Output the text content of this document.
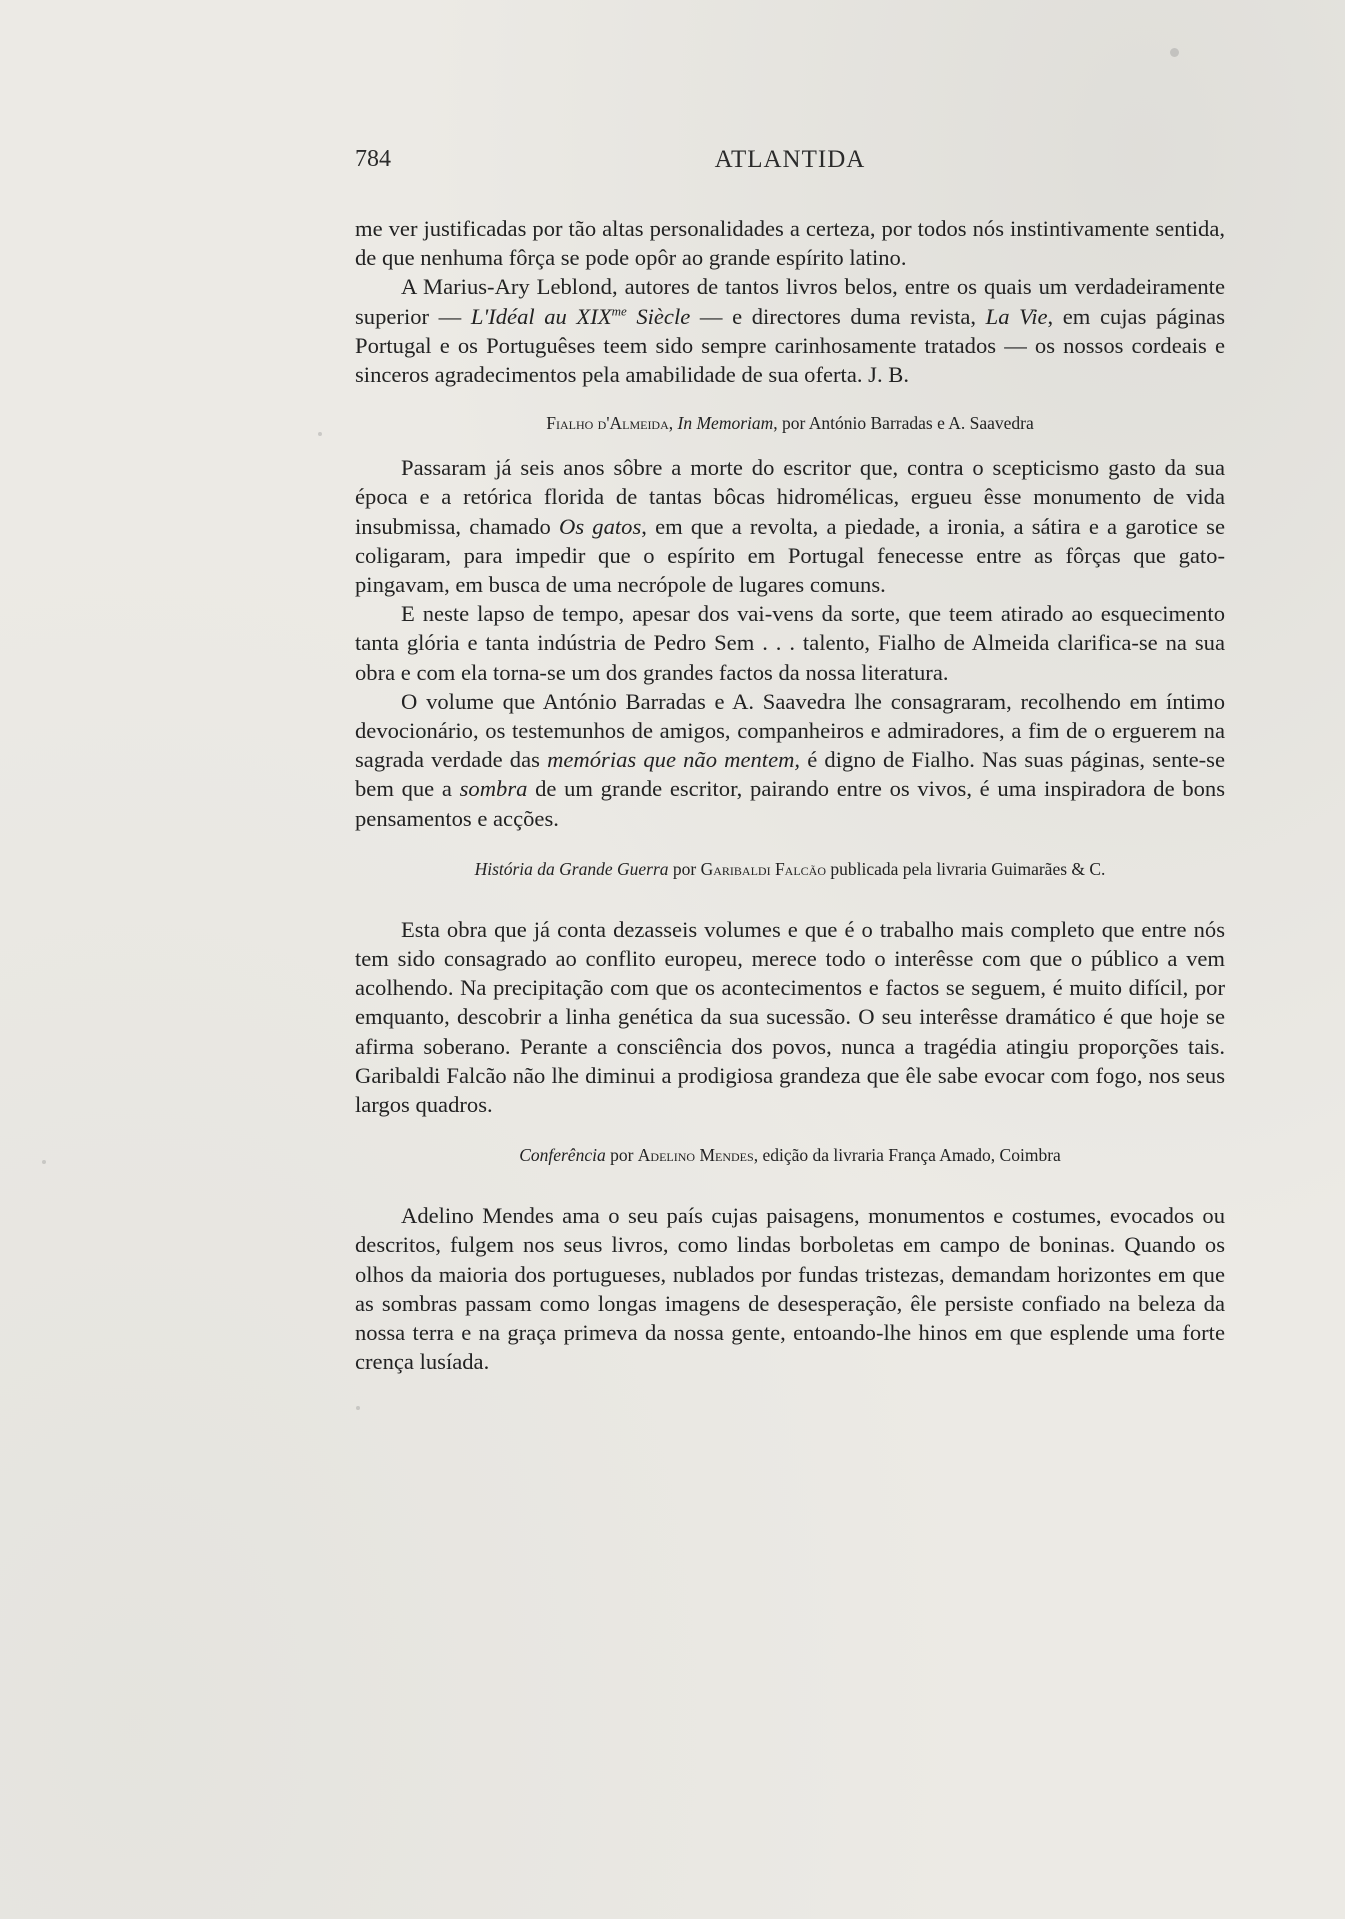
784	ATLANTIDA

me ver justificadas por tão altas personalidades a certeza, por todos nós instintivamente sentida, de que nenhuma fôrça se pode opôr ao grande espírito latino.

A Marius-Ary Leblond, autores de tantos livros belos, entre os quais um verdadeiramente superior — L'Idéal au $XIX^{me}$ Siècle — e directores duma revista, La Vie, em cujas páginas Portugal e os Portuguêses teem sido sempre carinhosamente tratados — os nossos cordeais e sinceros agradecimentos pela amabilidade de sua oferta. J. B.

Fialho d'Almeida, In Memoriam, por António Barradas e A. Saavedra

Passaram já seis anos sôbre a morte do escritor que, contra o scepticismo gasto da sua época e a retórica florida de tantas bôcas hidromélicas, ergueu êsse monumento de vida insubmissa, chamado Os gatos, em que a revolta, a piedade, a ironia, a sátira e a garotice se coligaram, para impedir que o espírito em Portugal fenecesse entre as fôrças que gato-pingavam, em busca de uma necrópole de lugares comuns.

E neste lapso de tempo, apesar dos vai-vens da sorte, que teem atirado ao esquecimento tanta glória e tanta indústria de Pedro Sem . . . talento, Fialho de Almeida clarifica-se na sua obra e com ela torna-se um dos grandes factos da nossa literatura.

O volume que António Barradas e A. Saavedra lhe consagraram, recolhendo em íntimo devocionário, os testemunhos de amigos, companheiros e admiradores, a fim de o erguerem na sagrada verdade das memórias que não mentem, é digno de Fialho. Nas suas páginas, sente-se bem que a sombra de um grande escritor, pairando entre os vivos, é uma inspiradora de bons pensamentos e acções.

História da Grande Guerra por Garibaldi Falcão publicada pela livraria Guimarães & C.

Esta obra que já conta dezasseis volumes e que é o trabalho mais completo que entre nós tem sido consagrado ao conflito europeu, merece todo o interêsse com que o público a vem acolhendo. Na precipitação com que os acontecimentos e factos se seguem, é muito difícil, por emquanto, descobrir a linha genética da sua sucessão. O seu interêsse dramático é que hoje se afirma soberano. Perante a consciência dos povos, nunca a tragédia atingiu proporções tais. Garibaldi Falcão não lhe diminui a prodigiosa grandeza que êle sabe evocar com fogo, nos seus largos quadros.

Conferência por Adelino Mendes, edição da livraria França Amado, Coimbra

Adelino Mendes ama o seu país cujas paisagens, monumentos e costumes, evocados ou descritos, fulgem nos seus livros, como lindas borboletas em campo de boninas. Quando os olhos da maioria dos portugueses, nublados por fundas tristezas, demandam horizontes em que as sombras passam como longas imagens de desesperação, êle persiste confiado na beleza da nossa terra e na graça primeva da nossa gente, entoando-lhe hinos em que esplende uma forte crença lusíada.
